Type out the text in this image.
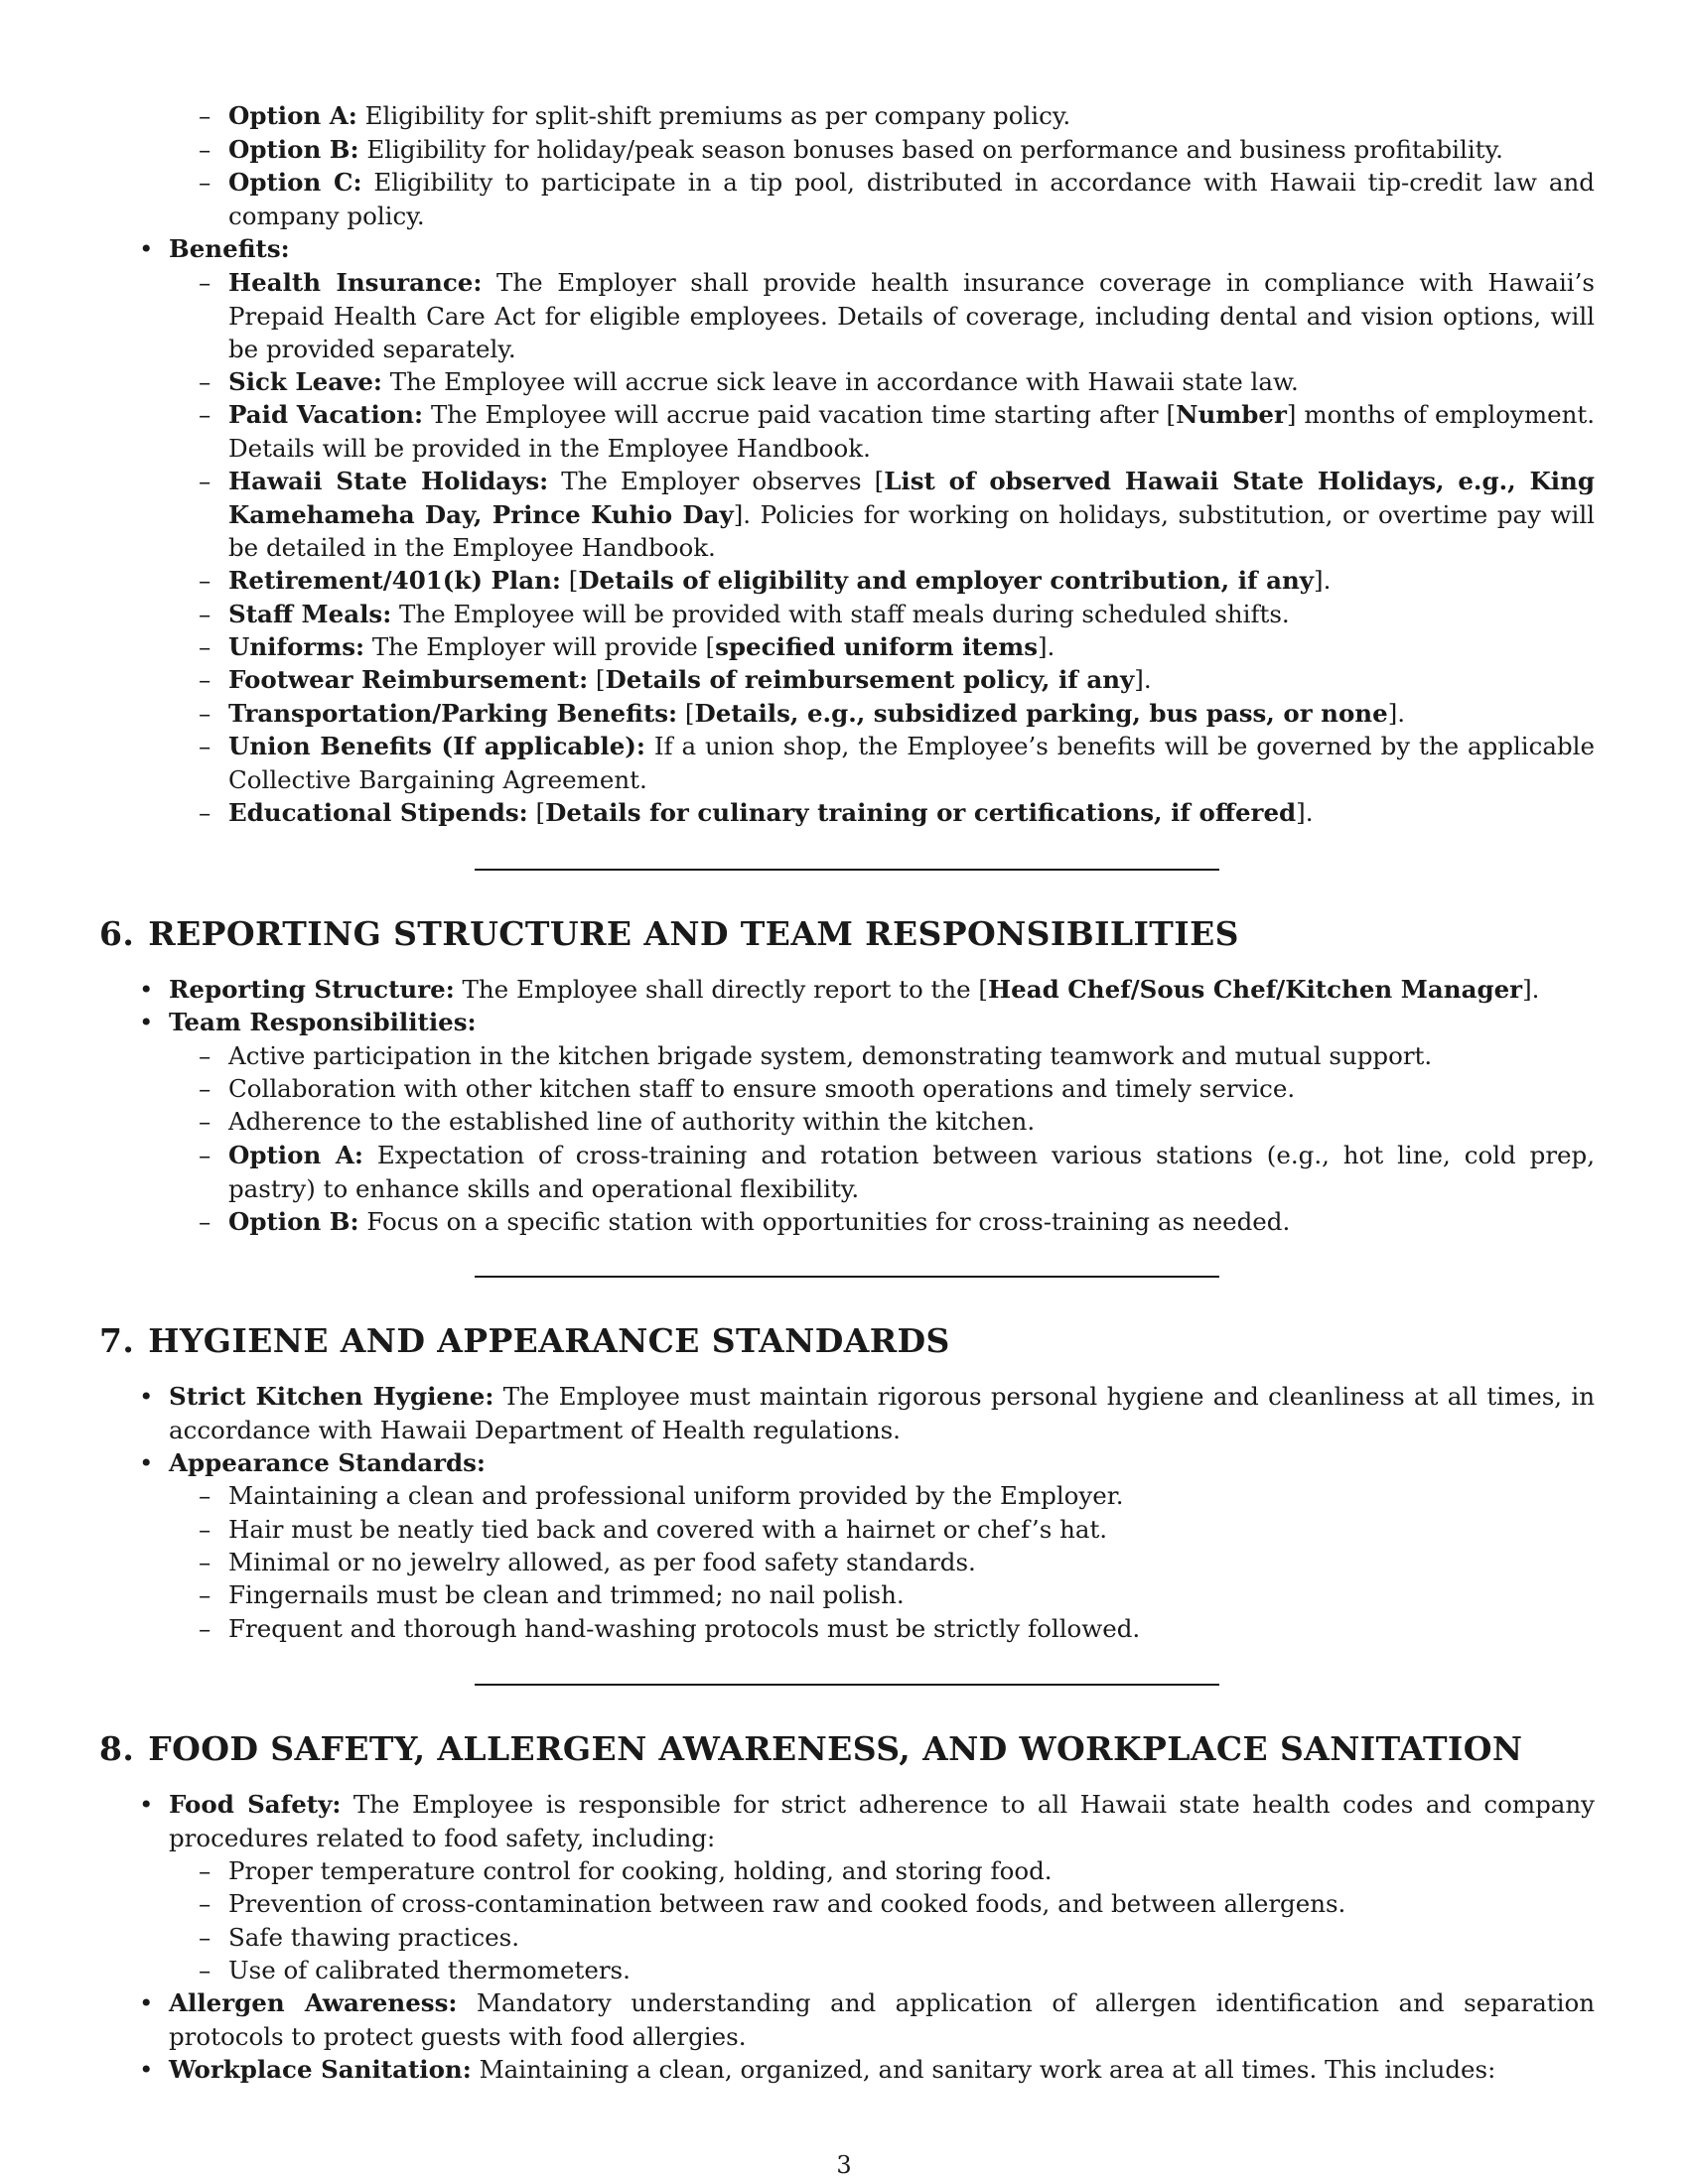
– Option A: Eligibility for split-shift premiums as per company policy.
– Option B: Eligibility for holiday/peak season bonuses based on performance and business profitability.
– Option C: Eligibility to participate in a tip pool, distributed in accordance with Hawaii tip-credit law and company policy.
• Benefits:
– Health Insurance: The Employer shall provide health insurance coverage in compliance with Hawaii’s Prepaid Health Care Act for eligible employees. Details of coverage, including dental and vision options, will be provided separately.
– Sick Leave: The Employee will accrue sick leave in accordance with Hawaii state law.
– Paid Vacation: The Employee will accrue paid vacation time starting after [Number] months of employment. Details will be provided in the Employee Handbook.
– Hawaii State Holidays: The Employer observes [List of observed Hawaii State Holidays, e.g., King Kamehameha Day, Prince Kuhio Day]. Policies for working on holidays, substitution, or overtime pay will be detailed in the Employee Handbook.
– Retirement/401(k) Plan: [Details of eligibility and employer contribution, if any].
– Staff Meals: The Employee will be provided with staff meals during scheduled shifts.
– Uniforms: The Employer will provide [specified uniform items].
– Footwear Reimbursement: [Details of reimbursement policy, if any].
– Transportation/Parking Benefits: [Details, e.g., subsidized parking, bus pass, or none].
– Union Benefits (If applicable): If a union shop, the Employee’s benefits will be governed by the applicable Collective Bargaining Agreement.
– Educational Stipends: [Details for culinary training or certifications, if offered].
6. REPORTING STRUCTURE AND TEAM RESPONSIBILITIES
• Reporting Structure: The Employee shall directly report to the [Head Chef/Sous Chef/Kitchen Manager].
• Team Responsibilities:
– Active participation in the kitchen brigade system, demonstrating teamwork and mutual support.
– Collaboration with other kitchen staff to ensure smooth operations and timely service.
– Adherence to the established line of authority within the kitchen.
– Option A: Expectation of cross-training and rotation between various stations (e.g., hot line, cold prep, pastry) to enhance skills and operational flexibility.
– Option B: Focus on a specific station with opportunities for cross-training as needed.
7. HYGIENE AND APPEARANCE STANDARDS
• Strict Kitchen Hygiene: The Employee must maintain rigorous personal hygiene and cleanliness at all times, in accordance with Hawaii Department of Health regulations.
• Appearance Standards:
– Maintaining a clean and professional uniform provided by the Employer.
– Hair must be neatly tied back and covered with a hairnet or chef’s hat.
– Minimal or no jewelry allowed, as per food safety standards.
– Fingernails must be clean and trimmed; no nail polish.
– Frequent and thorough hand-washing protocols must be strictly followed.
8. FOOD SAFETY, ALLERGEN AWARENESS, AND WORKPLACE SANITATION
• Food Safety: The Employee is responsible for strict adherence to all Hawaii state health codes and company procedures related to food safety, including:
– Proper temperature control for cooking, holding, and storing food.
– Prevention of cross-contamination between raw and cooked foods, and between allergens.
– Safe thawing practices.
– Use of calibrated thermometers.
• Allergen Awareness: Mandatory understanding and application of allergen identification and separation protocols to protect guests with food allergies.
• Workplace Sanitation: Maintaining a clean, organized, and sanitary work area at all times. This includes:
3
